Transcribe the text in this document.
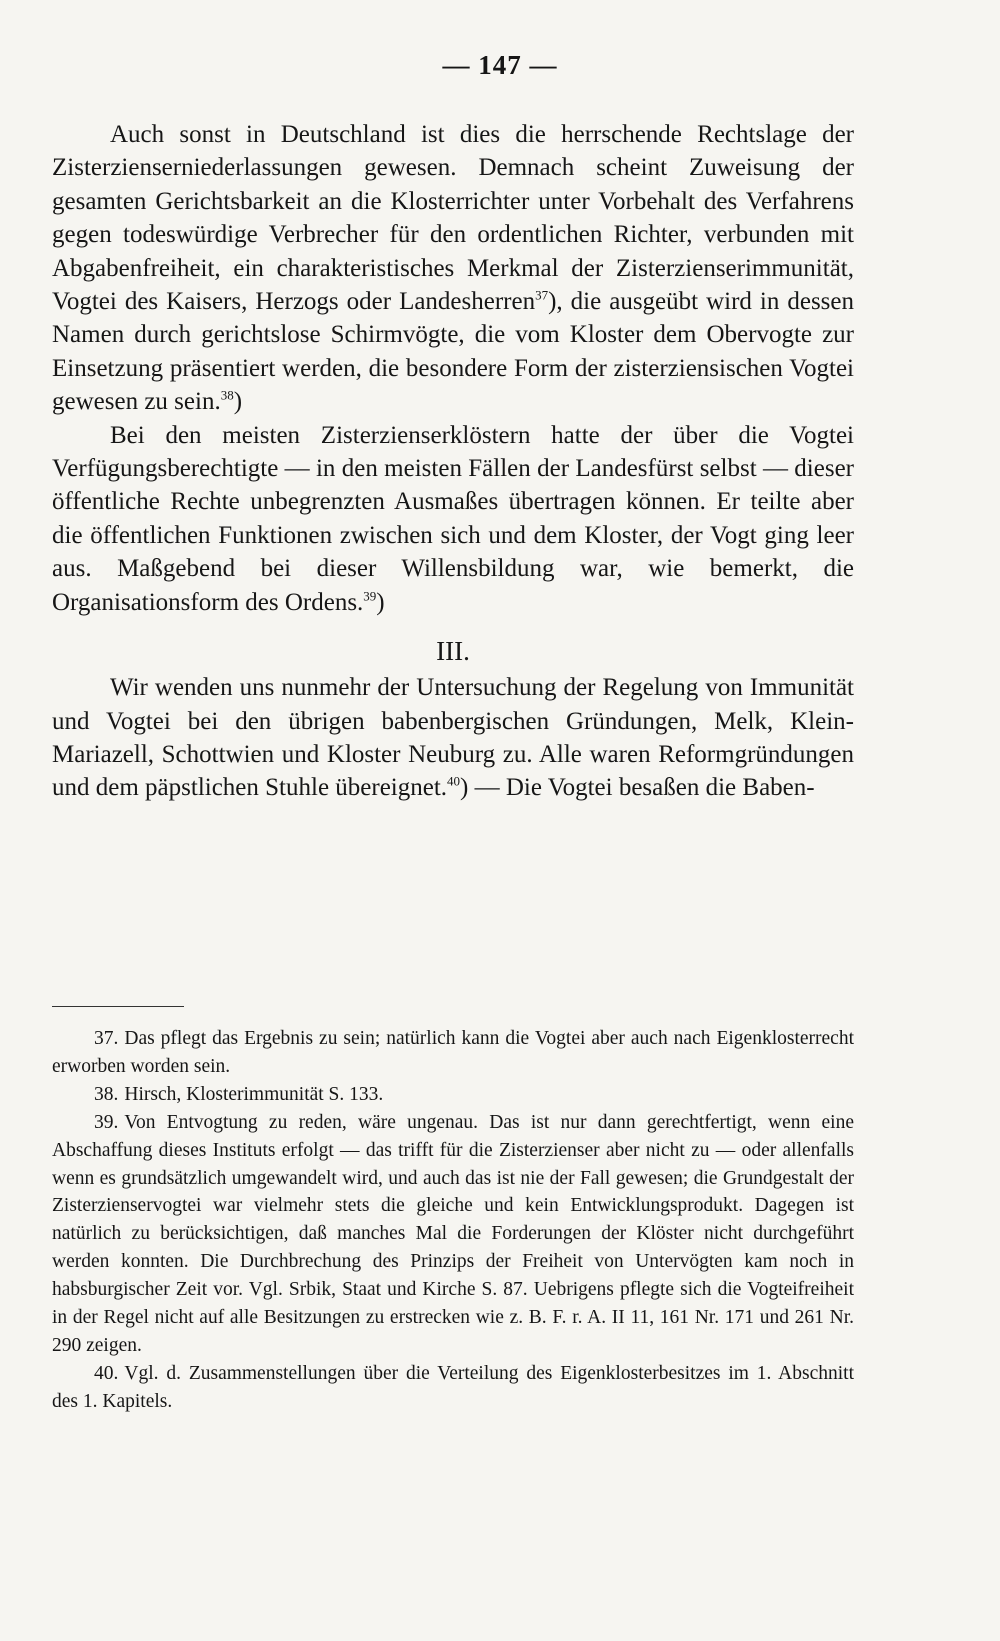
— 147 —

Auch sonst in Deutschland ist dies die herrschende Rechtslage der Zisterzienserniederlassungen gewesen. Demnach scheint Zuweisung der gesamten Gerichtsbarkeit an die Klosterrichter unter Vorbehalt des Verfahrens gegen todeswürdige Verbrecher für den ordentlichen Richter, verbunden mit Abgabenfreiheit, ein charakteristisches Merkmal der Zisterzienserimmunität, Vogtei des Kaisers, Herzogs oder Landesherren$^{37}$), die ausgeübt wird in dessen Namen durch gerichtslose Schirmvögte, die vom Kloster dem Obervogte zur Einsetzung präsentiert werden, die besondere Form der zisterziensischen Vogtei gewesen zu sein.$^{38}$)

Bei den meisten Zisterzienserklöstern hatte der über die Vogtei Verfügungsberechtigte — in den meisten Fällen der Landesfürst selbst — dieser öffentliche Rechte unbegrenzten Ausmaßes übertragen können. Er teilte aber die öffentlichen Funktionen zwischen sich und dem Kloster, der Vogt ging leer aus. Maßgebend bei dieser Willensbildung war, wie bemerkt, die Organisationsform des Ordens.$^{39}$)

III.

Wir wenden uns nunmehr der Untersuchung der Regelung von Immunität und Vogtei bei den übrigen babenbergischen Gründungen, Melk, Klein-Mariazell, Schottwien und Kloster Neuburg zu. Alle waren Reformgründungen und dem päpstlichen Stuhle übereignet.$^{40}$) — Die Vogtei besaßen die Baben-

37. Das pflegt das Ergebnis zu sein; natürlich kann die Vogtei aber auch nach Eigenklosterrecht erworben worden sein.

38. Hirsch, Klosterimmunität S. 133.

39. Von Entvogtung zu reden, wäre ungenau. Das ist nur dann gerechtfertigt, wenn eine Abschaffung dieses Instituts erfolgt — das trifft für die Zisterzienser aber nicht zu — oder allenfalls wenn es grundsätzlich umgewandelt wird, und auch das ist nie der Fall gewesen; die Grundgestalt der Zisterzienservogtei war vielmehr stets die gleiche und kein Entwicklungsprodukt. Dagegen ist natürlich zu berücksichtigen, daß manches Mal die Forderungen der Klöster nicht durchgeführt werden konnten. Die Durchbrechung des Prinzips der Freiheit von Untervögten kam noch in habsburgischer Zeit vor. Vgl. Srbik, Staat und Kirche S. 87. Uebrigens pflegte sich die Vogteifreiheit in der Regel nicht auf alle Besitzungen zu erstrecken wie z. B. F. r. A. II 11, 161 Nr. 171 und 261 Nr. 290 zeigen.

40. Vgl. d. Zusammenstellungen über die Verteilung des Eigenklosterbesitzes im 1. Abschnitt des 1. Kapitels.
